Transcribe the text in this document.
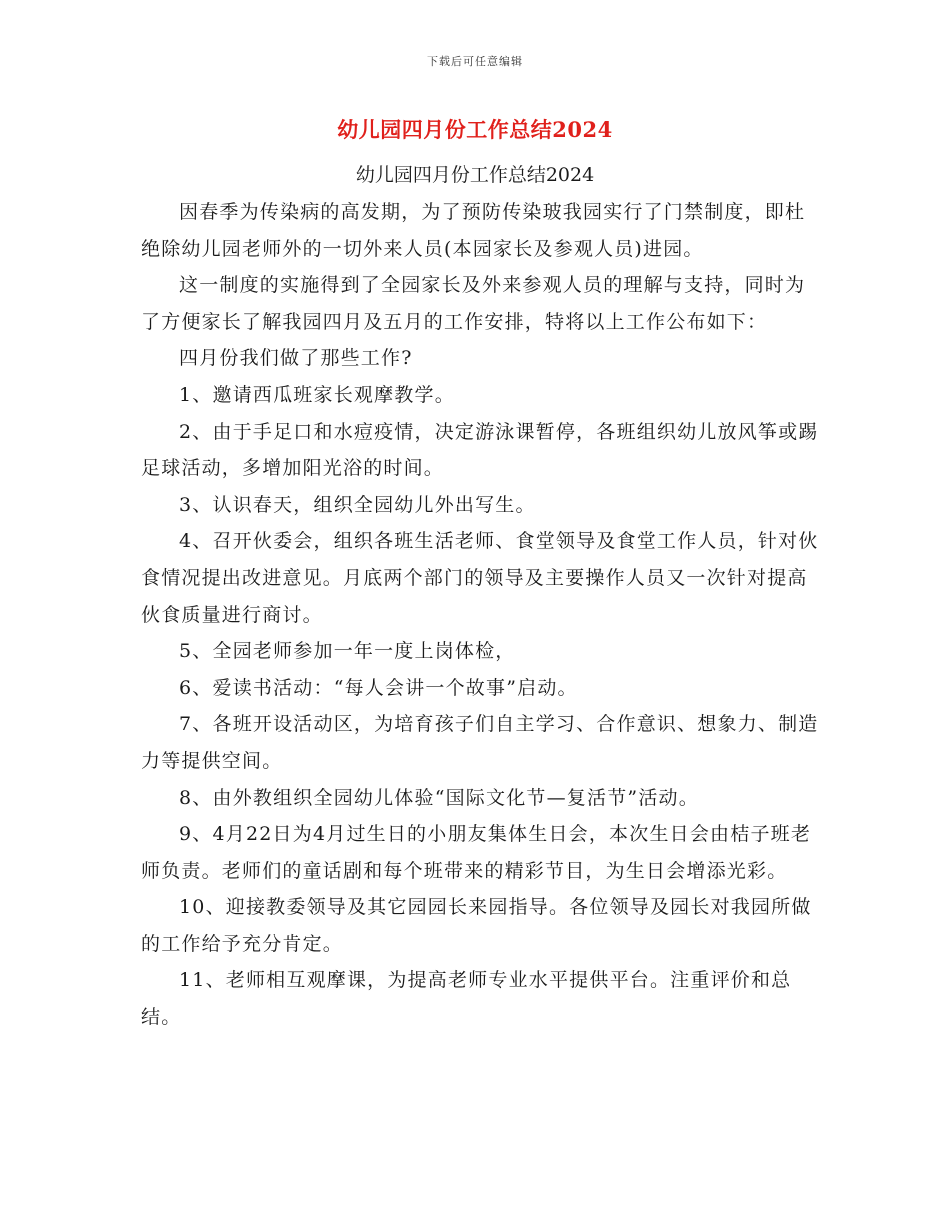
下载后可任意编辑
幼儿园四月份工作总结2024
幼儿园四月份工作总结2024

因春季为传染病的高发期，为了预防传染玻我园实行了门禁制度，即杜绝除幼儿园老师外的一切外来人员(本园家长及参观人员)进园。

这一制度的实施得到了全园家长及外来参观人员的理解与支持，同时为了方便家长了解我园四月及五月的工作安排，特将以上工作公布如下：

四月份我们做了那些工作?

1、邀请西瓜班家长观摩教学。

2、由于手足口和水痘疫情，决定游泳课暂停，各班组织幼儿放风筝或踢足球活动，多增加阳光浴的时间。

3、认识春天，组织全园幼儿外出写生。

4、召开伙委会，组织各班生活老师、食堂领导及食堂工作人员，针对伙食情况提出改进意见。月底两个部门的领导及主要操作人员又一次针对提高伙食质量进行商讨。

5、全园老师参加一年一度上岗体检，

6、爱读书活动：“每人会讲一个故事”启动。

7、各班开设活动区，为培育孩子们自主学习、合作意识、想象力、制造力等提供空间。

8、由外教组织全园幼儿体验“国际文化节—复活节”活动。

9、4月22日为4月过生日的小朋友集体生日会，本次生日会由桔子班老师负责。老师们的童话剧和每个班带来的精彩节目，为生日会增添光彩。

10、迎接教委领导及其它园园长来园指导。各位领导及园长对我园所做的工作给予充分肯定。

11、老师相互观摩课，为提高老师专业水平提供平台。注重评价和总结。
